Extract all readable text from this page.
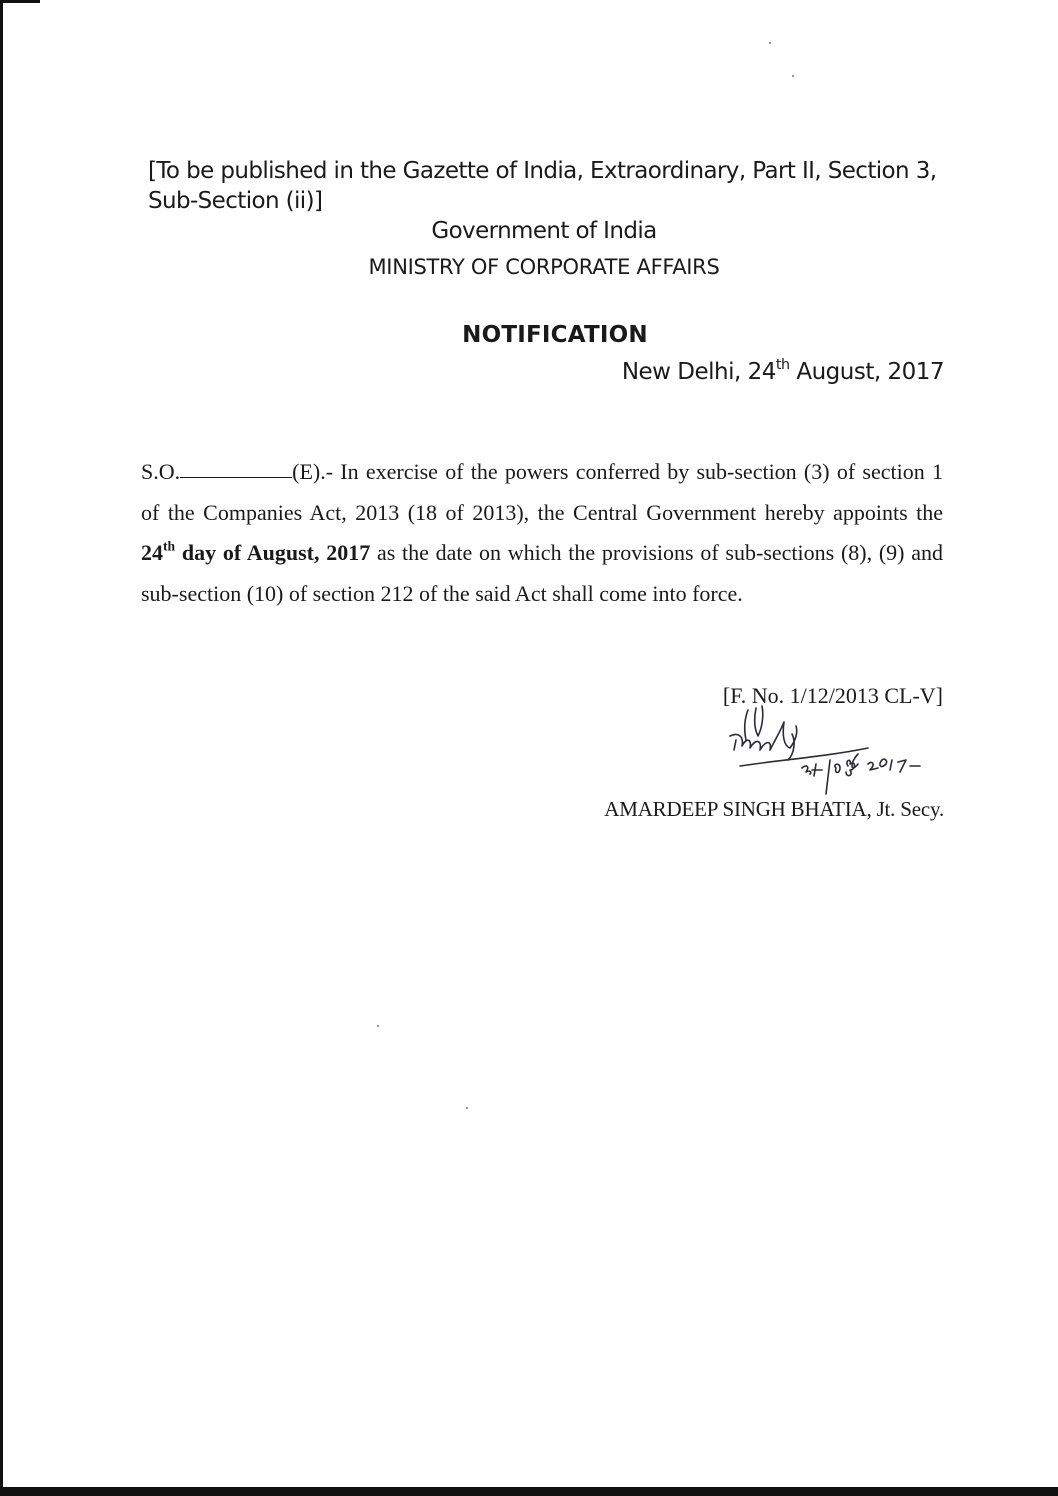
[To be published in the Gazette of India, Extraordinary, Part II, Section 3, Sub-Section (ii)]
Government of India
MINISTRY OF CORPORATE AFFAIRS
NOTIFICATION
New Delhi, 24th August, 2017
S.O.	(E).- In exercise of the powers conferred by sub-section (3) of section 1 of the Companies Act, 2013 (18 of 2013), the Central Government hereby appoints the 24th day of August, 2017 as the date on which the provisions of sub-sections (8), (9) and sub-section (10) of section 212 of the said Act shall come into force.
[F. No. 1/12/2013 CL-V]
AMARDEEP SINGH BHATIA, Jt. Secy.
